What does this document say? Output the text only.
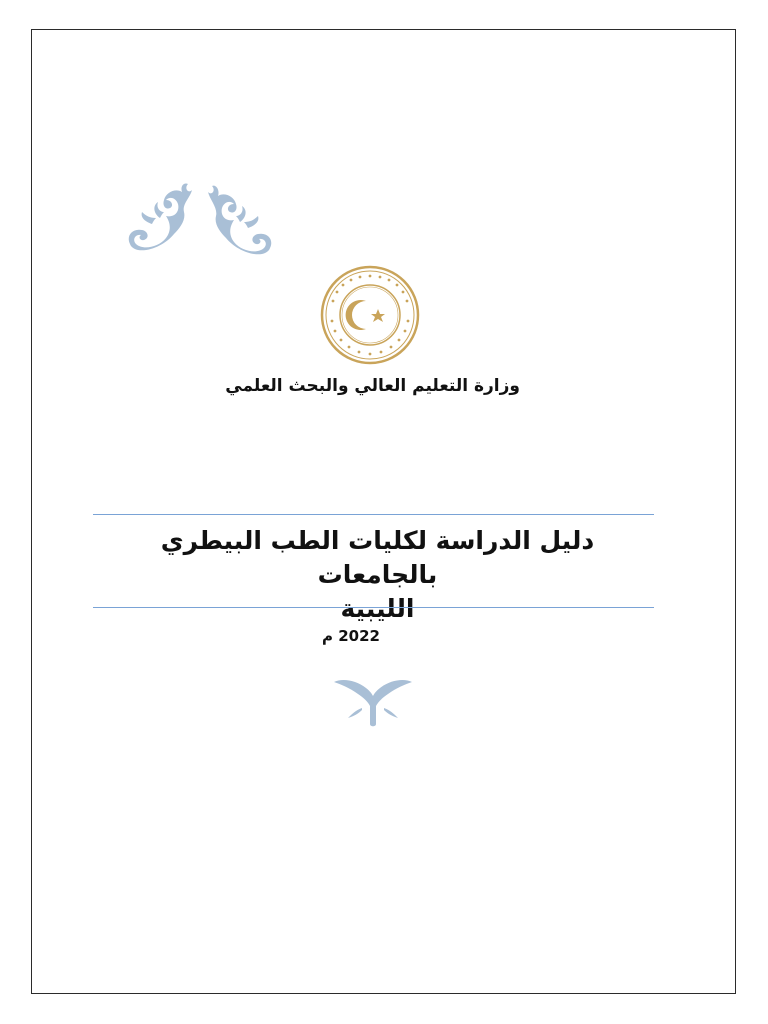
وزارة التعليم العالي والبحث العلمي
دليل الدراسة لكليات الطب البيطري بالجامعات
الليبية
2022 م
